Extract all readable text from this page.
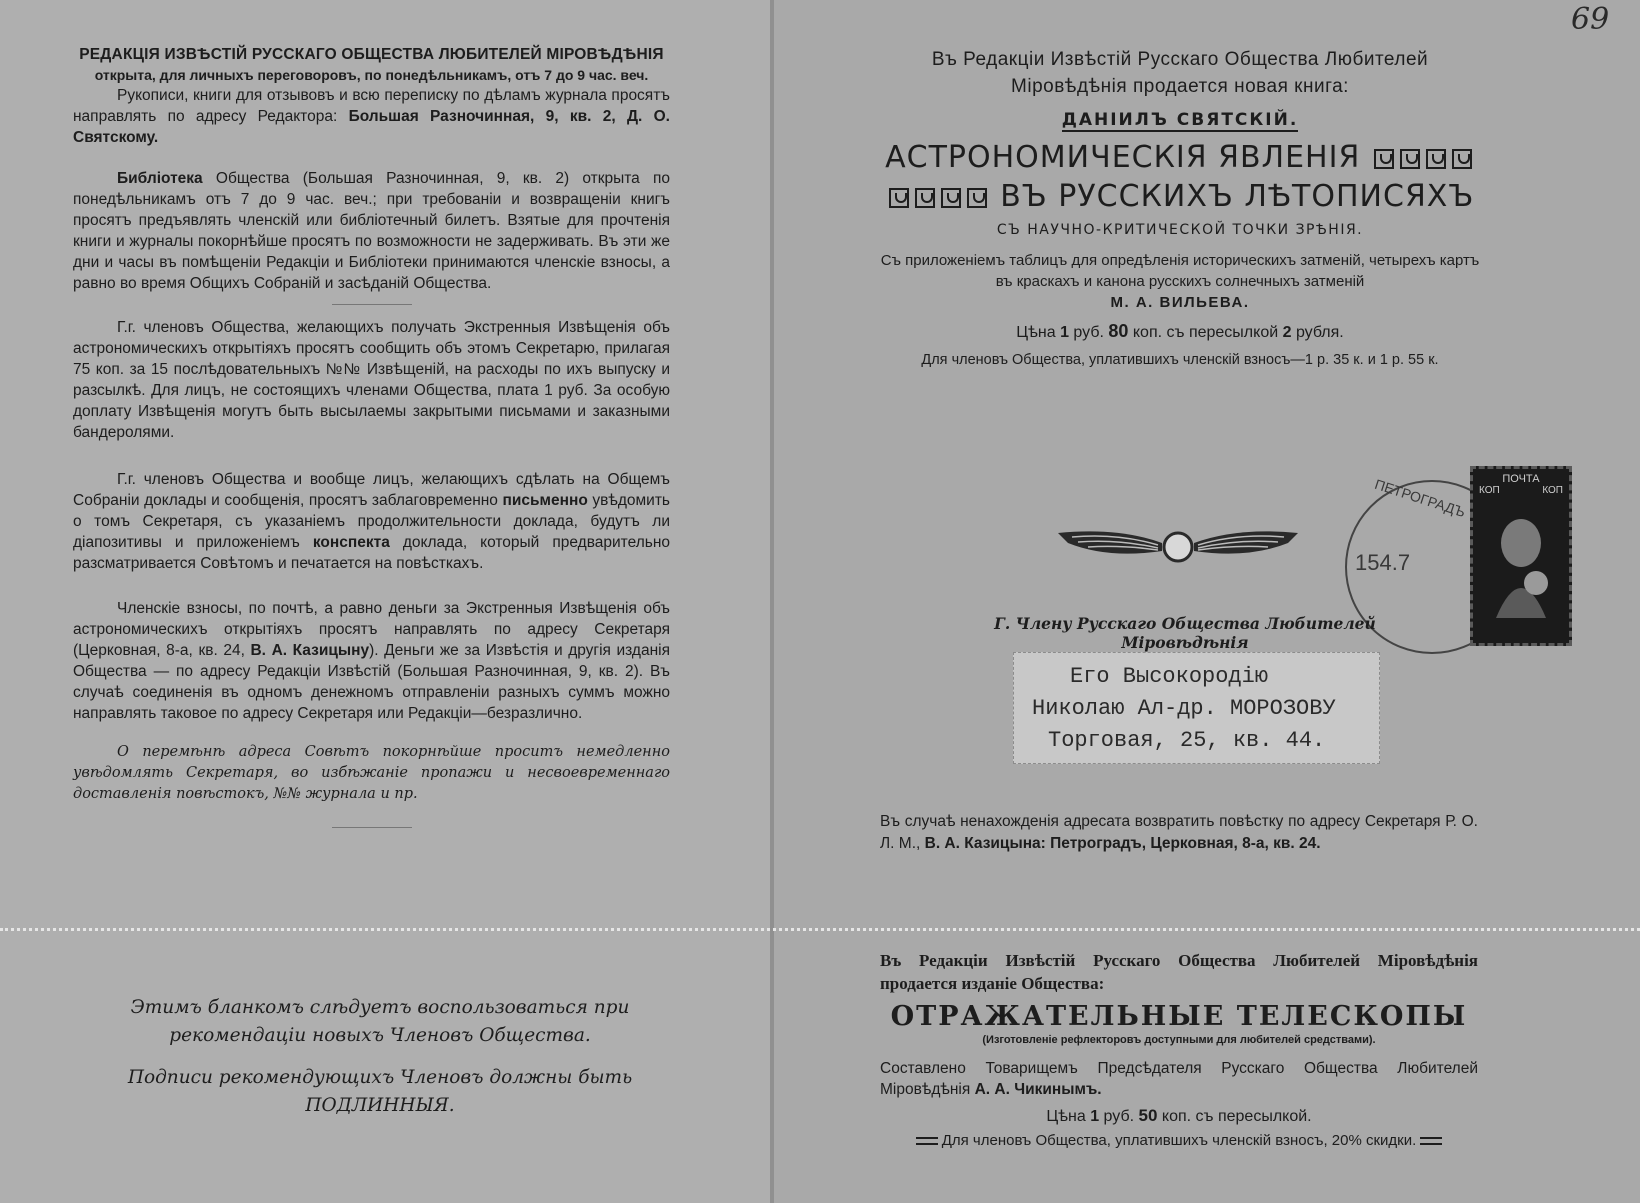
69

РЕДАКЦІЯ ИЗВѢСТІЙ РУССКАГО ОБЩЕСТВА ЛЮБИТЕЛЕЙ МІРОВѢДѢНІЯ

открыта, для личныхъ переговоровъ, по понедѣльникамъ, отъ 7 до 9 час. веч.

Рукописи, книги для отзывовъ и всю переписку по дѣламъ журнала просятъ направлять по адресу Редактора: Большая Разночинная, 9, кв. 2, Д. О. Святскому.

Библіотека Общества (Большая Разночинная, 9, кв. 2) открыта по понедѣльникамъ отъ 7 до 9 час. веч.; при требованіи и возвращеніи книгъ просятъ предъявлять членскій или библіотечный билетъ. Взятые для прочтенія книги и журналы покорнѣйше просятъ по возможности не задерживать. Въ эти же дни и часы въ помѣщеніи Редакціи и Библіотеки принимаются членскіе взносы, а равно во время Общихъ Собраній и засѣданій Общества.

Г.г. членовъ Общества, желающихъ получать Экстренныя Извѣщенія объ астрономическихъ открытіяхъ просятъ сообщить объ этомъ Секретарю, прилагая 75 коп. за 15 послѣдовательныхъ №№ Извѣщеній, на расходы по ихъ выпуску и разсылкѣ. Для лицъ, не состоящихъ членами Общества, плата 1 руб. За особую доплату Извѣщенія могутъ быть высылаемы закрытыми письмами и заказными бандеролями.

Г.г. членовъ Общества и вообще лицъ, желающихъ сдѣлать на Общемъ Собраніи доклады и сообщенія, просятъ заблаговременно письменно увѣдомить о томъ Секретаря, съ указаніемъ продолжительности доклада, будутъ ли діапозитивы и приложеніемъ конспекта доклада, который предварительно разсматривается Совѣтомъ и печатается на повѣсткахъ.

Членскіе взносы, по почтѣ, а равно деньги за Экстренныя Извѣщенія объ астрономическихъ открытіяхъ просятъ направлять по адресу Секретаря (Церковная, 8-а, кв. 24, В. А. Казицыну). Деньги же за Извѣстія и другія изданія Общества — по адресу Редакціи Извѣстій (Большая Разночинная, 9, кв. 2). Въ случаѣ соединенія въ одномъ денежномъ отправленіи разныхъ суммъ можно направлять таковое по адресу Секретаря или Редакціи—безразлично.

О перемѣнѣ адреса Совѣтъ покорнѣйше проситъ немедленно увѣдомлять Секретаря, во избѣжаніе пропажи и несвоевременнаго доставленія повѣстокъ, №№ журнала и пр.

Этимъ бланкомъ слѣдуетъ воспользоваться при рекомендаціи новыхъ Членовъ Общества.

Подписи рекомендующихъ Членовъ должны быть ПОДЛИННЫЯ.

Въ Редакціи Извѣстій Русскаго Общества Любителей Міровѣдѣнія продается новая книга:

ДАНІИЛЪ СВЯТСКІЙ.

АСТРОНОМИЧЕСКІЯ ЯВЛЕНІЯ

ВЪ РУССКИХЪ ЛѢТОПИСЯХЪ

СЪ НАУЧНО-КРИТИЧЕСКОЙ ТОЧКИ ЗРѢНІЯ.

Съ приложеніемъ таблицъ для опредѣленія историческихъ затменій, четырехъ картъ въ краскахъ и канона русскихъ солнечныхъ затменій

М. А. ВИЛЬЕВА.

Цѣна 1 руб. 80 коп. съ пересылкой 2 рубля.

Для членовъ Общества, уплатившихъ членскій взносъ—1 р. 35 к. и 1 р. 55 к.

ПЕТРОГРАДЪ
154.7
ПОЧТА
КОП	КОП

Г. Члену Русскаго Общества Любителей Міровѣдѣнія

Его Высокородію
Николаю Ал-др. МОРОЗОВУ
Торговая, 25, кв. 44.

Въ случаѣ ненахожденія адресата возвратить повѣстку по адресу Секретаря Р. О. Л. М., В. А. Казицына: Петроградъ, Церковная, 8-а, кв. 24.

Въ Редакціи Извѣстій Русскаго Общества Любителей Міровѣдѣнія продается изданіе Общества:

ОТРАЖАТЕЛЬНЫЕ ТЕЛЕСКОПЫ

(Изготовленіе рефлекторовъ доступными для любителей средствами).

Составлено Товарищемъ Предсѣдателя Русскаго Общества Любителей Міровѣдѣнія А. А. Чикинымъ.

Цѣна 1 руб. 50 коп. съ пересылкой.

Для членовъ Общества, уплатившихъ членскій взносъ, 20% скидки.
